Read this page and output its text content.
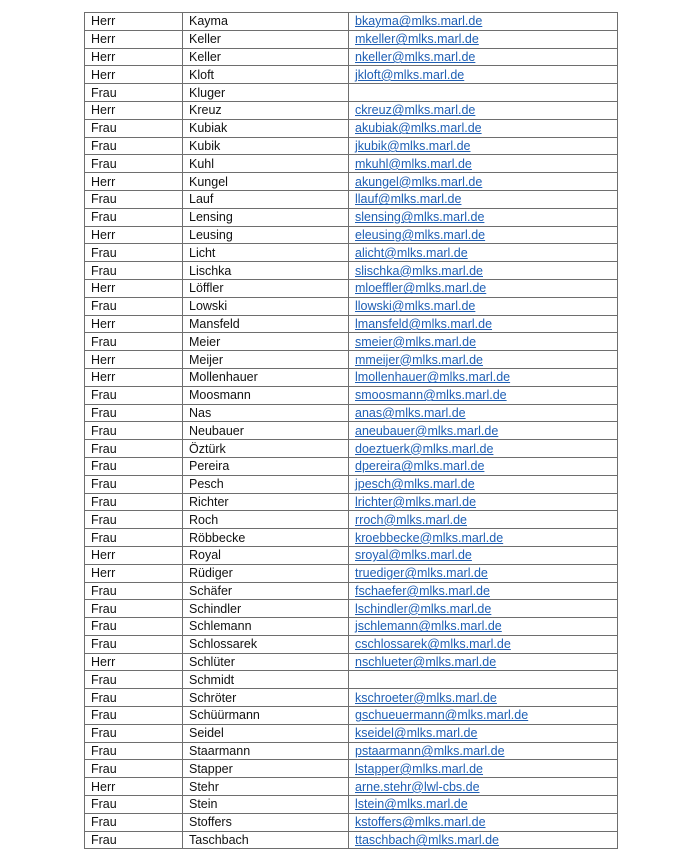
Herr	Kayma	bkayma@mlks.marl.de
Herr	Keller	mkeller@mlks.marl.de
Herr	Keller	nkeller@mlks.marl.de
Herr	Kloft	jkloft@mlks.marl.de
Frau	Kluger	
Herr	Kreuz	ckreuz@mlks.marl.de
Frau	Kubiak	akubiak@mlks.marl.de
Frau	Kubik	jkubik@mlks.marl.de
Frau	Kuhl	mkuhl@mlks.marl.de
Herr	Kungel	akungel@mlks.marl.de
Frau	Lauf	llauf@mlks.marl.de
Frau	Lensing	slensing@mlks.marl.de
Herr	Leusing	eleusing@mlks.marl.de
Frau	Licht	alicht@mlks.marl.de
Frau	Lischka	slischka@mlks.marl.de
Herr	Löffler	mloeffler@mlks.marl.de
Frau	Lowski	llowski@mlks.marl.de
Herr	Mansfeld	lmansfeld@mlks.marl.de
Frau	Meier	smeier@mlks.marl.de
Herr	Meijer	mmeijer@mlks.marl.de
Herr	Mollenhauer	lmollenhauer@mlks.marl.de
Frau	Moosmann	smoosmann@mlks.marl.de
Frau	Nas	anas@mlks.marl.de
Frau	Neubauer	aneubauer@mlks.marl.de
Frau	Öztürk	doeztuerk@mlks.marl.de
Frau	Pereira	dpereira@mlks.marl.de
Frau	Pesch	jpesch@mlks.marl.de
Frau	Richter	lrichter@mlks.marl.de
Frau	Roch	rroch@mlks.marl.de
Frau	Röbbecke	kroebbecke@mlks.marl.de
Herr	Royal	sroyal@mlks.marl.de
Herr	Rüdiger	truediger@mlks.marl.de
Frau	Schäfer	fschaefer@mlks.marl.de
Frau	Schindler	lschindler@mlks.marl.de
Frau	Schlemann	jschlemann@mlks.marl.de
Frau	Schlossarek	cschlossarek@mlks.marl.de
Herr	Schlüter	nschlueter@mlks.marl.de
Frau	Schmidt	
Frau	Schröter	kschroeter@mlks.marl.de
Frau	Schüürmann	gschueuermann@mlks.marl.de
Frau	Seidel	kseidel@mlks.marl.de
Frau	Staarmann	pstaarmann@mlks.marl.de
Frau	Stapper	lstapper@mlks.marl.de
Herr	Stehr	arne.stehr@lwl-cbs.de
Frau	Stein	lstein@mlks.marl.de
Frau	Stoffers	kstoffers@mlks.marl.de
Frau	Taschbach	ttaschbach@mlks.marl.de
